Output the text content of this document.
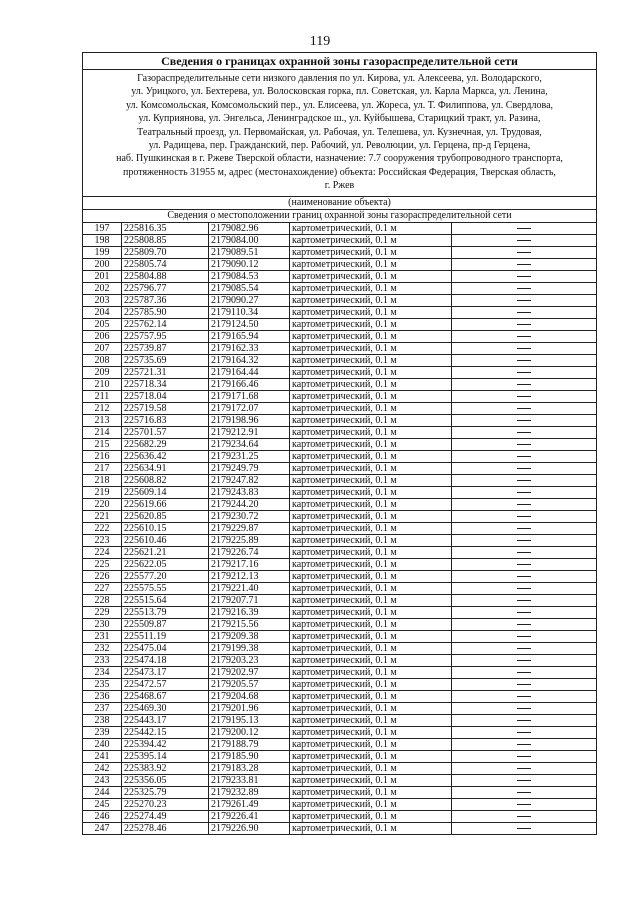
119
Сведения о границах охранной зоны газораспределительной сети
Газораспределительные сети низкого давления по ул. Кирова, ул. Алексеева, ул. Володарского,
ул. Урицкого, ул. Бехтерева, ул. Волосковская горка, пл. Советская, ул. Карла Маркса, ул. Ленина,
ул. Комсомольская, Комсомольский пер., ул. Елисеева, ул. Жореса, ул. Т. Филиппова, ул. Свердлова,
ул. Куприянова, ул. Энгельса, Ленинградское ш., ул. Куйбышева, Старицкий тракт, ул. Разина,
Театральный проезд, ул. Первомайская, ул. Рабочая, ул. Телешева, ул. Кузнечная, ул. Трудовая,
ул. Радищева, пер. Гражданский, пер. Рабочий, ул. Революции, ул. Герцена, пр-д Герцена,
наб. Пушкинская в г. Ржеве Тверской области, назначение: 7.7 сооружения трубопроводного транспорта,
протяженность 31955 м, адрес (местонахождение) объекта: Российская Федерация, Тверская область,
г. Ржев
(наименование объекта)
Сведения о местоположении границ охранной зоны газораспределительной сети
197	225816.35	2179082.96	картометрический, 0.1 м	
198	225808.85	2179084.00	картометрический, 0.1 м	
199	225809.70	2179089.51	картометрический, 0.1 м	
200	225805.74	2179090.12	картометрический, 0.1 м	
201	225804.88	2179084.53	картометрический, 0.1 м	
202	225796.77	2179085.54	картометрический, 0.1 м	
203	225787.36	2179090.27	картометрический, 0.1 м	
204	225785.90	2179110.34	картометрический, 0.1 м	
205	225762.14	2179124.50	картометрический, 0.1 м	
206	225757.95	2179165.94	картометрический, 0.1 м	
207	225739.87	2179162.33	картометрический, 0.1 м	
208	225735.69	2179164.32	картометрический, 0.1 м	
209	225721.31	2179164.44	картометрический, 0.1 м	
210	225718.34	2179166.46	картометрический, 0.1 м	
211	225718.04	2179171.68	картометрический, 0.1 м	
212	225719.58	2179172.07	картометрический, 0.1 м	
213	225716.83	2179198.96	картометрический, 0.1 м	
214	225701.57	2179212.91	картометрический, 0.1 м	
215	225682.29	2179234.64	картометрический, 0.1 м	
216	225636.42	2179231.25	картометрический, 0.1 м	
217	225634.91	2179249.79	картометрический, 0.1 м	
218	225608.82	2179247.82	картометрический, 0.1 м	
219	225609.14	2179243.83	картометрический, 0.1 м	
220	225619.66	2179244.20	картометрический, 0.1 м	
221	225620.85	2179230.72	картометрический, 0.1 м	
222	225610.15	2179229.87	картометрический, 0.1 м	
223	225610.46	2179225.89	картометрический, 0.1 м	
224	225621.21	2179226.74	картометрический, 0.1 м	
225	225622.05	2179217.16	картометрический, 0.1 м	
226	225577.20	2179212.13	картометрический, 0.1 м	
227	225575.55	2179221.40	картометрический, 0.1 м	
228	225515.64	2179207.71	картометрический, 0.1 м	
229	225513.79	2179216.39	картометрический, 0.1 м	
230	225509.87	2179215.56	картометрический, 0.1 м	
231	225511.19	2179209.38	картометрический, 0.1 м	
232	225475.04	2179199.38	картометрический, 0.1 м	
233	225474.18	2179203.23	картометрический, 0.1 м	
234	225473.17	2179202.97	картометрический, 0.1 м	
235	225472.57	2179205.57	картометрический, 0.1 м	
236	225468.67	2179204.68	картометрический, 0.1 м	
237	225469.30	2179201.96	картометрический, 0.1 м	
238	225443.17	2179195.13	картометрический, 0.1 м	
239	225442.15	2179200.12	картометрический, 0.1 м	
240	225394.42	2179188.79	картометрический, 0.1 м	
241	225395.14	2179185.90	картометрический, 0.1 м	
242	225383.92	2179183.28	картометрический, 0.1 м	
243	225356.05	2179233.81	картометрический, 0.1 м	
244	225325.79	2179232.89	картометрический, 0.1 м	
245	225270.23	2179261.49	картометрический, 0.1 м	
246	225274.49	2179226.41	картометрический, 0.1 м	
247	225278.46	2179226.90	картометрический, 0.1 м	
